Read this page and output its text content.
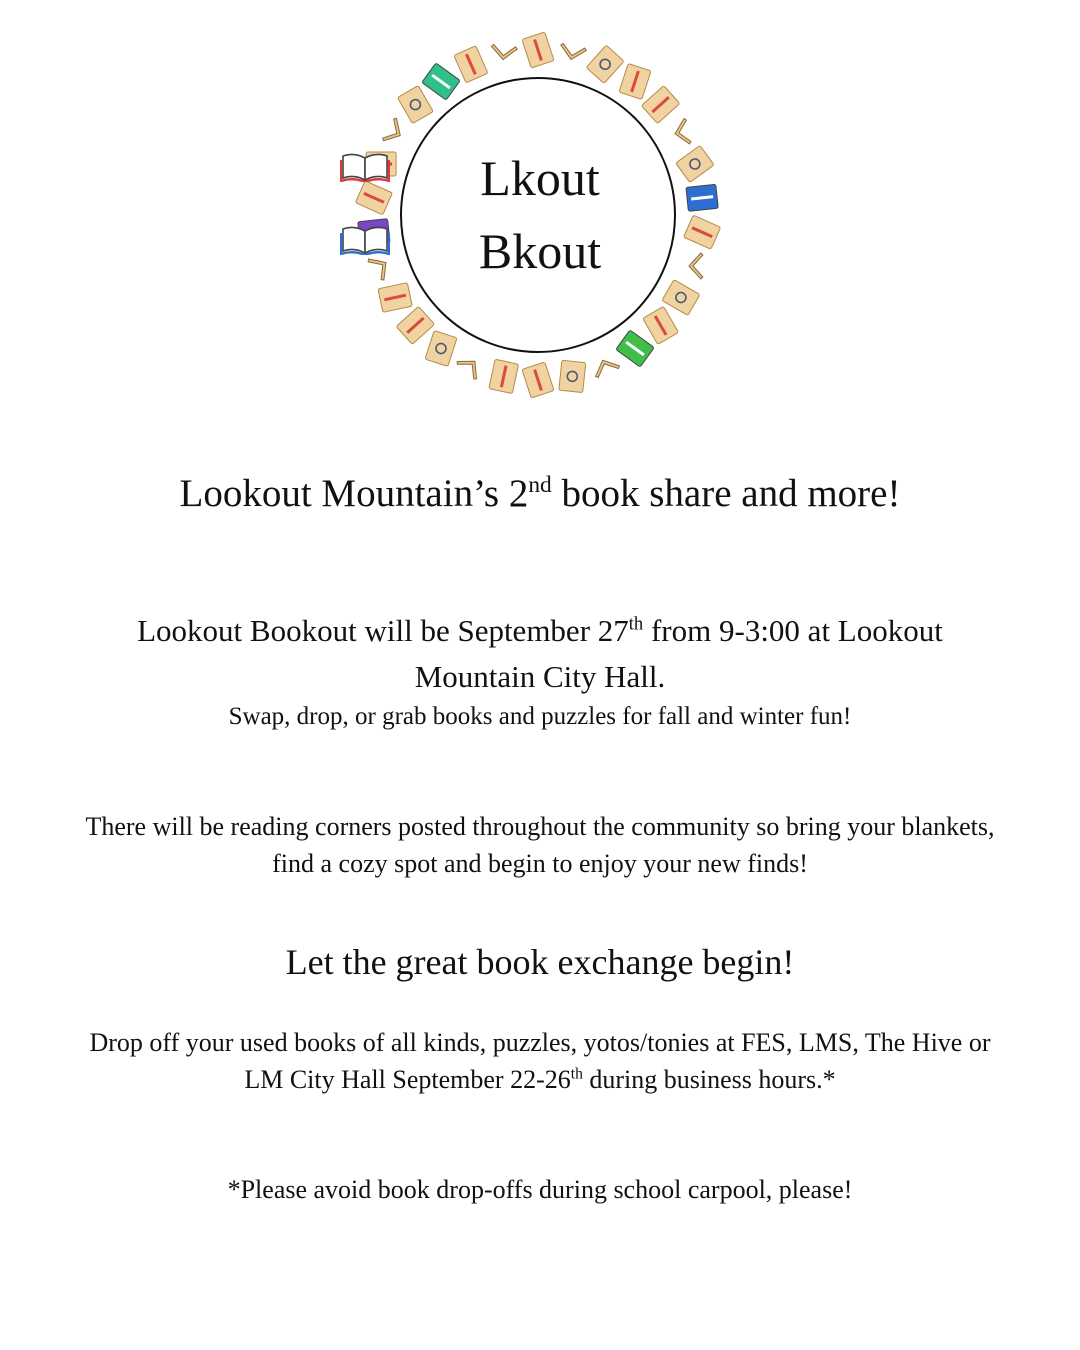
L
kout
B
kout
Lookout Mountain’s 2nd book share and more!
Lookout Bookout will be September 27th from 9-3:00 at Lookout
Mountain City Hall.
Swap, drop, or grab books and puzzles for fall and winter fun!
There will be reading corners posted throughout the community so bring your blankets,
find a cozy spot and begin to enjoy your new finds!
Let the great book exchange begin!
Drop off your used books of all kinds, puzzles, yotos/tonies at FES, LMS, The Hive or
LM City Hall September 22-26th during business hours.*
*Please avoid book drop-offs during school carpool, please!
